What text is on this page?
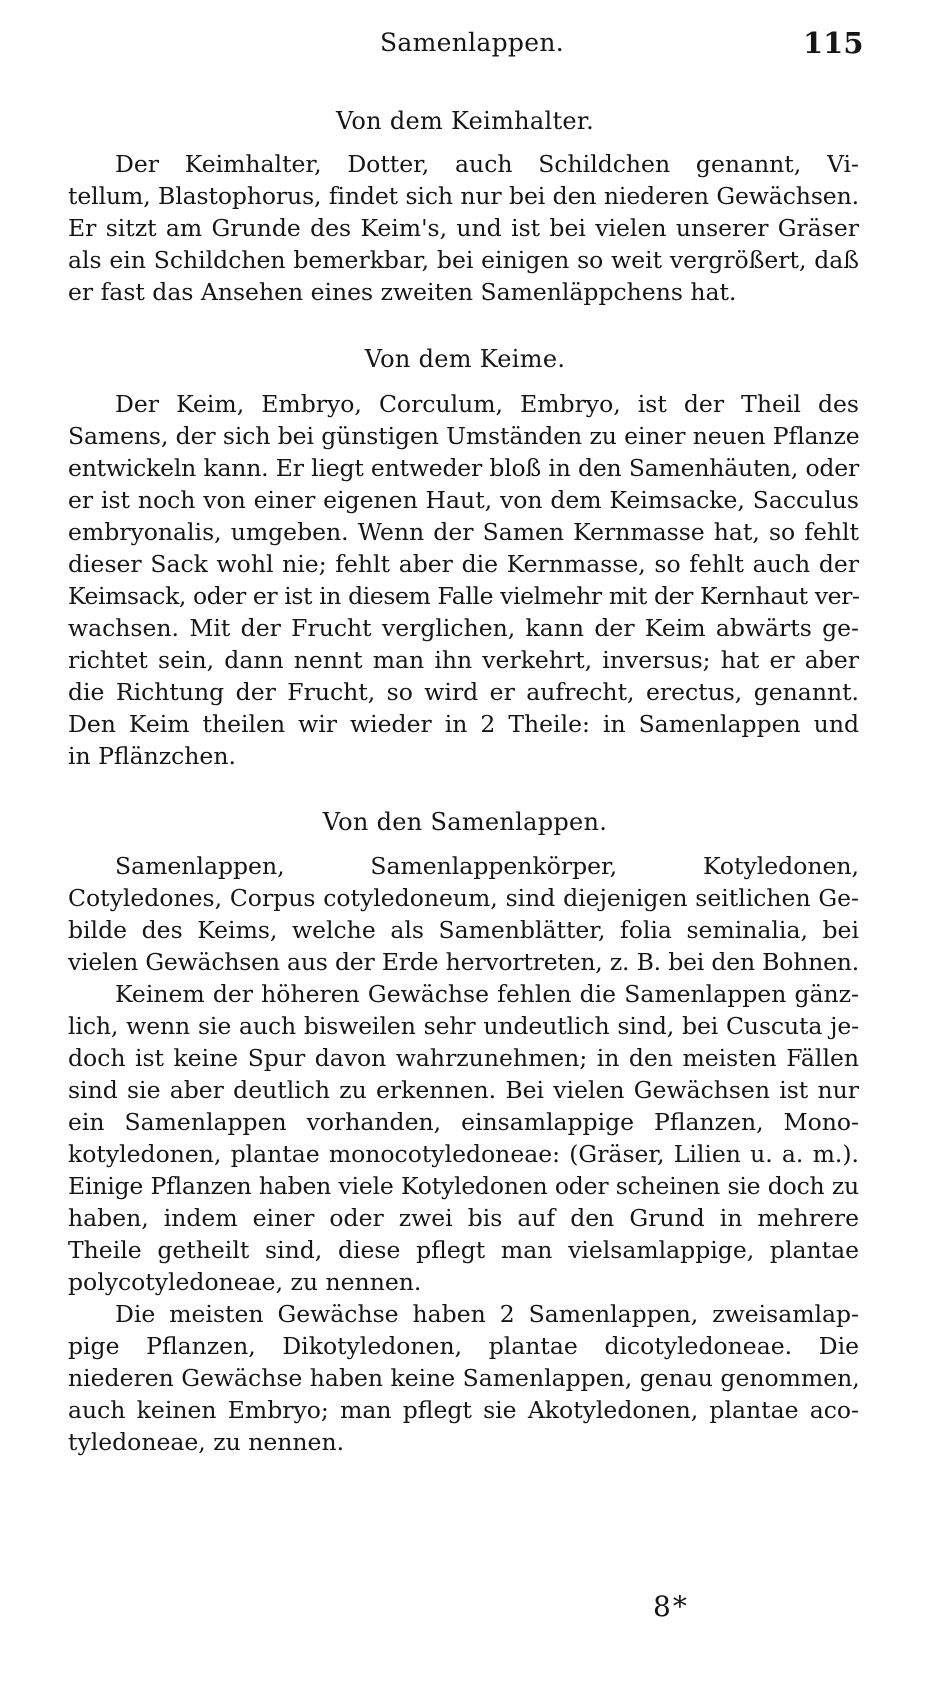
Samenlappen.	115
Von dem Keimhalter.
Der Keimhalter, Dotter, auch Schildchen genannt, Vi-
tellum, Blastophorus, findet sich nur bei den niederen Gewächsen.
Er sitzt am Grunde des Keim's, und ist bei vielen unserer Gräser
als ein Schildchen bemerkbar, bei einigen so weit vergrößert, daß
er fast das Ansehen eines zweiten Samenläppchens hat.
Von dem Keime.
Der Keim, Embryo, Corculum, Embryo, ist der Theil des
Samens, der sich bei günstigen Umständen zu einer neuen Pflanze
entwickeln kann. Er liegt entweder bloß in den Samenhäuten, oder
er ist noch von einer eigenen Haut, von dem Keimsacke, Sacculus
embryonalis, umgeben. Wenn der Samen Kernmasse hat, so fehlt
dieser Sack wohl nie; fehlt aber die Kernmasse, so fehlt auch der
Keimsack, oder er ist in diesem Falle vielmehr mit der Kernhaut ver-
wachsen. Mit der Frucht verglichen, kann der Keim abwärts ge-
richtet sein, dann nennt man ihn verkehrt, inversus; hat er aber
die Richtung der Frucht, so wird er aufrecht, erectus, genannt.
Den Keim theilen wir wieder in 2 Theile: in Samenlappen und
in Pflänzchen.
Von den Samenlappen.
Samenlappen, Samenlappenkörper, Kotyledonen,
Cotyledones, Corpus cotyledoneum, sind diejenigen seitlichen Ge-
bilde des Keims, welche als Samenblätter, folia seminalia, bei
vielen Gewächsen aus der Erde hervortreten, z. B. bei den Bohnen.
Keinem der höheren Gewächse fehlen die Samenlappen gänz-
lich, wenn sie auch bisweilen sehr undeutlich sind, bei Cuscuta je-
doch ist keine Spur davon wahrzunehmen; in den meisten Fällen
sind sie aber deutlich zu erkennen. Bei vielen Gewächsen ist nur
ein Samenlappen vorhanden, einsamlappige Pflanzen, Mono-
kotyledonen, plantae monocotyledoneae: (Gräser, Lilien u. a. m.).
Einige Pflanzen haben viele Kotyledonen oder scheinen sie doch zu
haben, indem einer oder zwei bis auf den Grund in mehrere
Theile getheilt sind, diese pflegt man vielsamlappige, plantae
polycotyledoneae, zu nennen.
Die meisten Gewächse haben 2 Samenlappen, zweisamlap-
pige Pflanzen, Dikotyledonen, plantae dicotyledoneae. Die
niederen Gewächse haben keine Samenlappen, genau genommen,
auch keinen Embryo; man pflegt sie Akotyledonen, plantae aco-
tyledoneae, zu nennen.
8*
